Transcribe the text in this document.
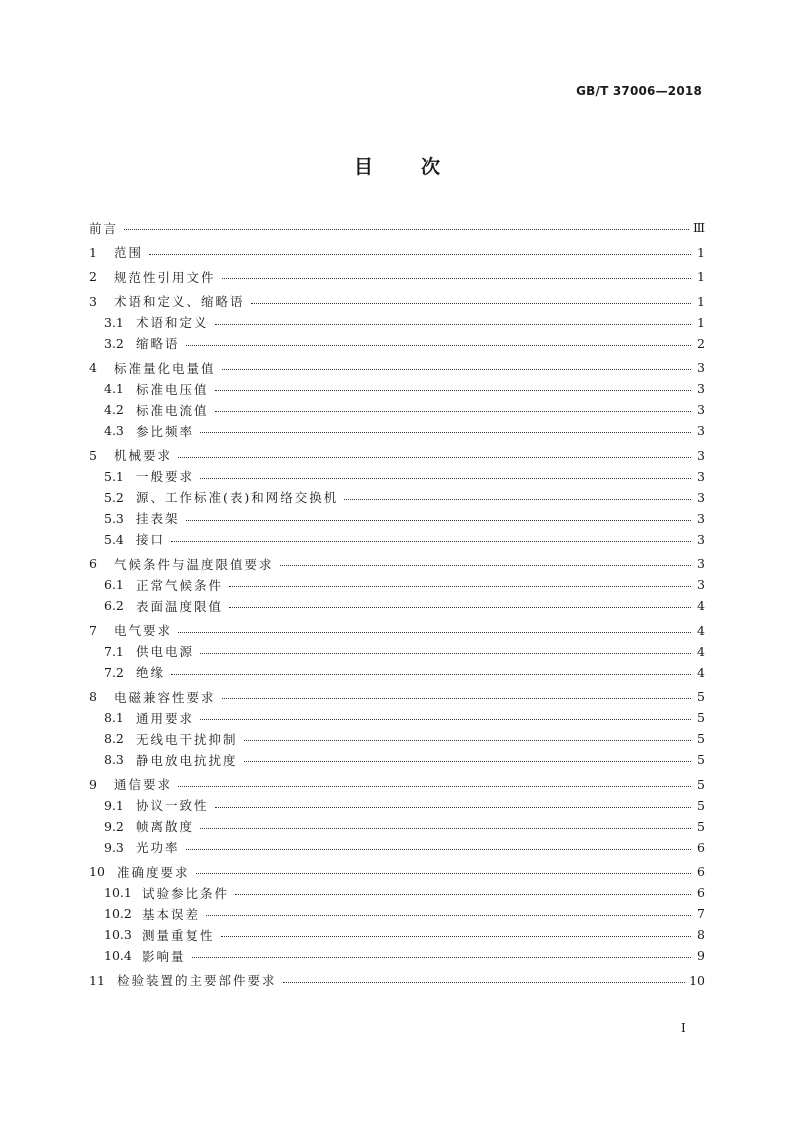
GB/T 37006—2018
目	次
前言	Ⅲ
1	范围	1
2	规范性引用文件	1
3	术语和定义、缩略语	1
3.1 术语和定义	1
3.2 缩略语	2
4	标准量化电量值	3
4.1 标准电压值	3
4.2 标准电流值	3
4.3 参比频率	3
5	机械要求	3
5.1 一般要求	3
5.2 源、工作标准(表)和网络交换机	3
5.3 挂表架	3
5.4 接口	3
6	气候条件与温度限值要求	3
6.1 正常气候条件	3
6.2 表面温度限值	4
7	电气要求	4
7.1 供电电源	4
7.2 绝缘	4
8	电磁兼容性要求	5
8.1 通用要求	5
8.2 无线电干扰抑制	5
8.3 静电放电抗扰度	5
9	通信要求	5
9.1 协议一致性	5
9.2 帧离散度	5
9.3 光功率	6
10 准确度要求	6
10.1 试验参比条件	6
10.2 基本误差	7
10.3 测量重复性	8
10.4 影响量	9
11 检验装置的主要部件要求	10
I
